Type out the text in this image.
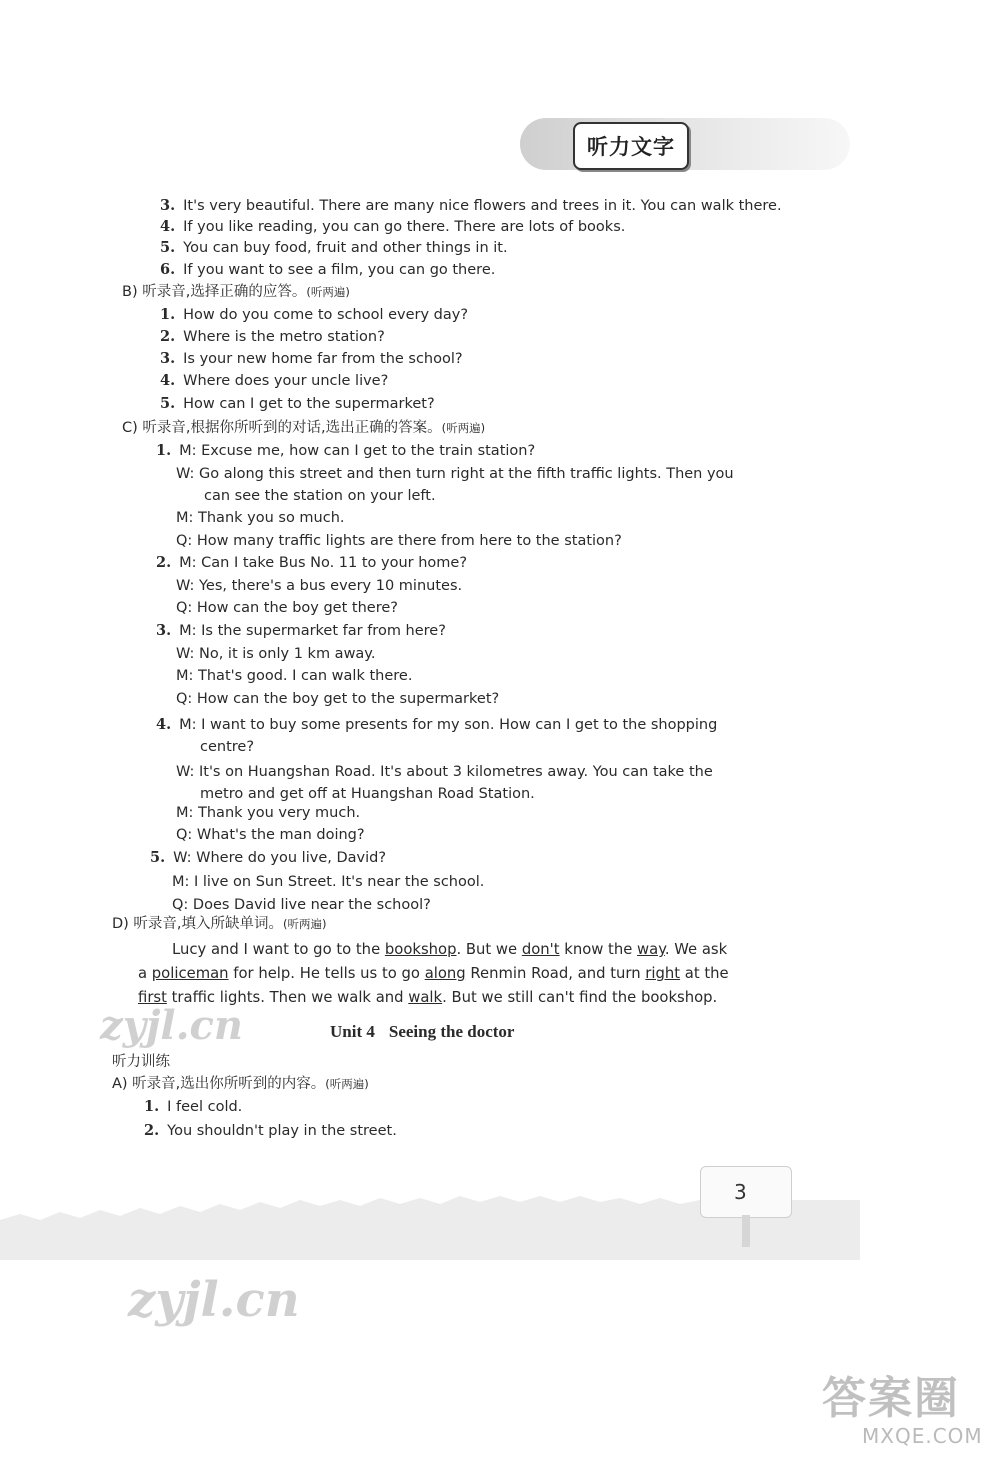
听力文字
3. It's very beautiful. There are many nice flowers and trees in it. You can walk there.
4. If you like reading, you can go there. There are lots of books.
5. You can buy food, fruit and other things in it.
6. If you want to see a film, you can go there.
B) 听录音,选择正确的应答。(听两遍)
1. How do you come to school every day?
2. Where is the metro station?
3. Is your new home far from the school?
4. Where does your uncle live?
5. How can I get to the supermarket?
C) 听录音,根据你所听到的对话,选出正确的答案。(听两遍)
1. M: Excuse me, how can I get to the train station?
W: Go along this street and then turn right at the fifth traffic lights. Then you
can see the station on your left.
M: Thank you so much.
Q: How many traffic lights are there from here to the station?
2. M: Can I take Bus No. 11 to your home?
W: Yes, there's a bus every 10 minutes.
Q: How can the boy get there?
3. M: Is the supermarket far from here?
W: No, it is only 1 km away.
M: That's good. I can walk there.
Q: How can the boy get to the supermarket?
4. M: I want to buy some presents for my son. How can I get to the shopping
centre?
W: It's on Huangshan Road. It's about 3 kilometres away. You can take the
metro and get off at Huangshan Road Station.
M: Thank you very much.
Q: What's the man doing?
5. W: Where do you live, David?
M: I live on Sun Street. It's near the school.
Q: Does David live near the school?
D) 听录音,填入所缺单词。(听两遍)
Lucy and I want to go to the bookshop. But we don't know the way. We ask
a policeman for help. He tells us to go along Renmin Road, and turn right at the
first traffic lights. Then we walk and walk. But we still can't find the bookshop.
zyjl.cn	Unit 4 Seeing the doctor
听力训练
A) 听录音,选出你所听到的内容。(听两遍)
1. I feel cold.
2. You shouldn't play in the street.
3
zyjl.cn
答案圈
MXQE.COM
